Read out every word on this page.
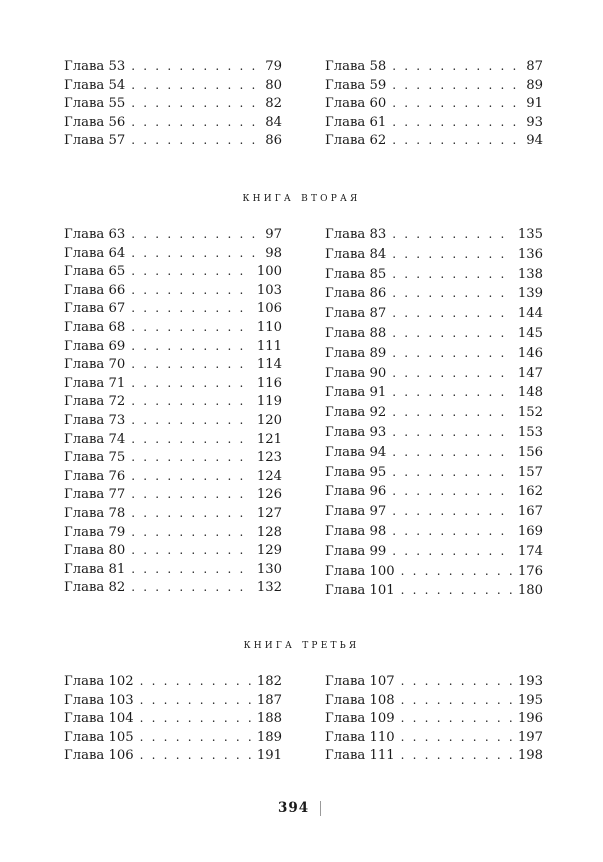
Глава 53 . . .	79
Глава 54 . . .	80
Глава 55 . . .	82
Глава 56 . . .	84
Глава 57 . . .	86
Глава 58 . . .	87
Глава 59 . . .	89
Глава 60 . . .	91
Глава 61 . . .	93
Глава 62 . . .	94
книга вторая
Глава 63 . . .	97
Глава 64 . . .	98
Глава 65 . . .	100
Глава 66 . . .	103
Глава 67 . . .	106
Глава 68 . . .	110
Глава 69 . . .	111
Глава 70 . . .	114
Глава 71 . . .	116
Глава 72 . . .	119
Глава 73 . . .	120
Глава 74 . . .	121
Глава 75 . . .	123
Глава 76 . . .	124
Глава 77 . . .	126
Глава 78 . . .	127
Глава 79 . . .	128
Глава 80 . . .	129
Глава 81 . . .	130
Глава 82 . . .	132
Глава 83 . . .	135
Глава 84 . . .	136
Глава 85 . . .	138
Глава 86 . . .	139
Глава 87 . . .	144
Глава 88 . . .	145
Глава 89 . . .	146
Глава 90 . . .	147
Глава 91 . . .	148
Глава 92 . . .	152
Глава 93 . . .	153
Глава 94 . . .	156
Глава 95 . . .	157
Глава 96 . . .	162
Глава 97 . . .	167
Глава 98 . . .	169
Глава 99 . . .	174
Глава 100 . . .	176
Глава 101 . . .	180
книга третья
Глава 102 . . .	182
Глава 103 . . .	187
Глава 104 . . .	188
Глава 105 . . .	189
Глава 106 . . .	191
Глава 107 . . .	193
Глава 108 . . .	195
Глава 109 . . .	196
Глава 110 . . .	197
Глава 111 . . .	198
394
